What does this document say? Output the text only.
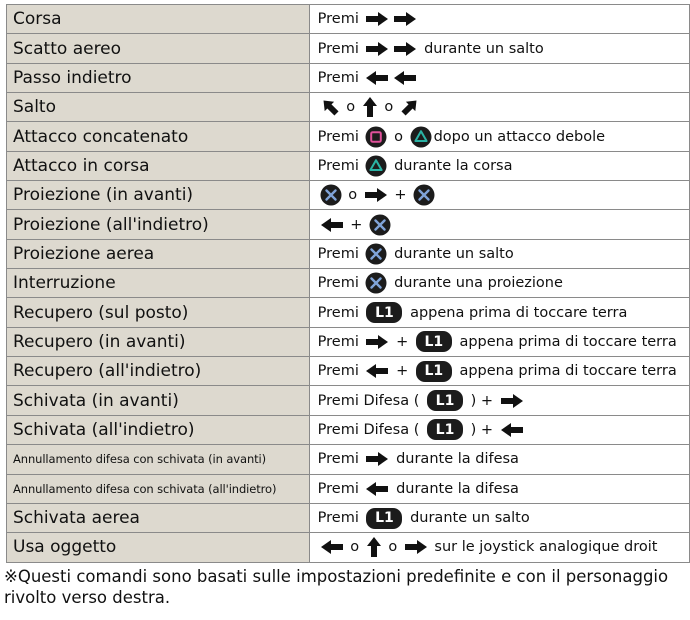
Corsa	Premi

Scatto aereo	Premi durante un salto

Passo indietro	Premi

Salto	o o

Attacco concatenato	Premi o dopo un attacco debole

Attacco in corsa	Premi durante la corsa

Proiezione (in avanti)	o +

Proiezione (all'indietro)	+

Proiezione aerea	Premi durante un salto

Interruzione	Premi durante una proiezione

Recupero (sul posto)	Premi L1 appena prima di toccare terra

Recupero (in avanti)	Premi + L1 appena prima di toccare terra

Recupero (all'indietro)	Premi + L1 appena prima di toccare terra

Schivata (in avanti)	Premi Difesa ( L1 ) +

Schivata (all'indietro)	Premi Difesa ( L1 ) +

Annullamento difesa con schivata (in avanti)	Premi durante la difesa

Annullamento difesa con schivata (all'indietro)	Premi durante la difesa

Schivata aerea	Premi L1 durante un salto

Usa oggetto	o o sur le joystick analogique droit
※Questi comandi sono basati sulle impostazioni predefinite e con il personaggio rivolto verso destra.
